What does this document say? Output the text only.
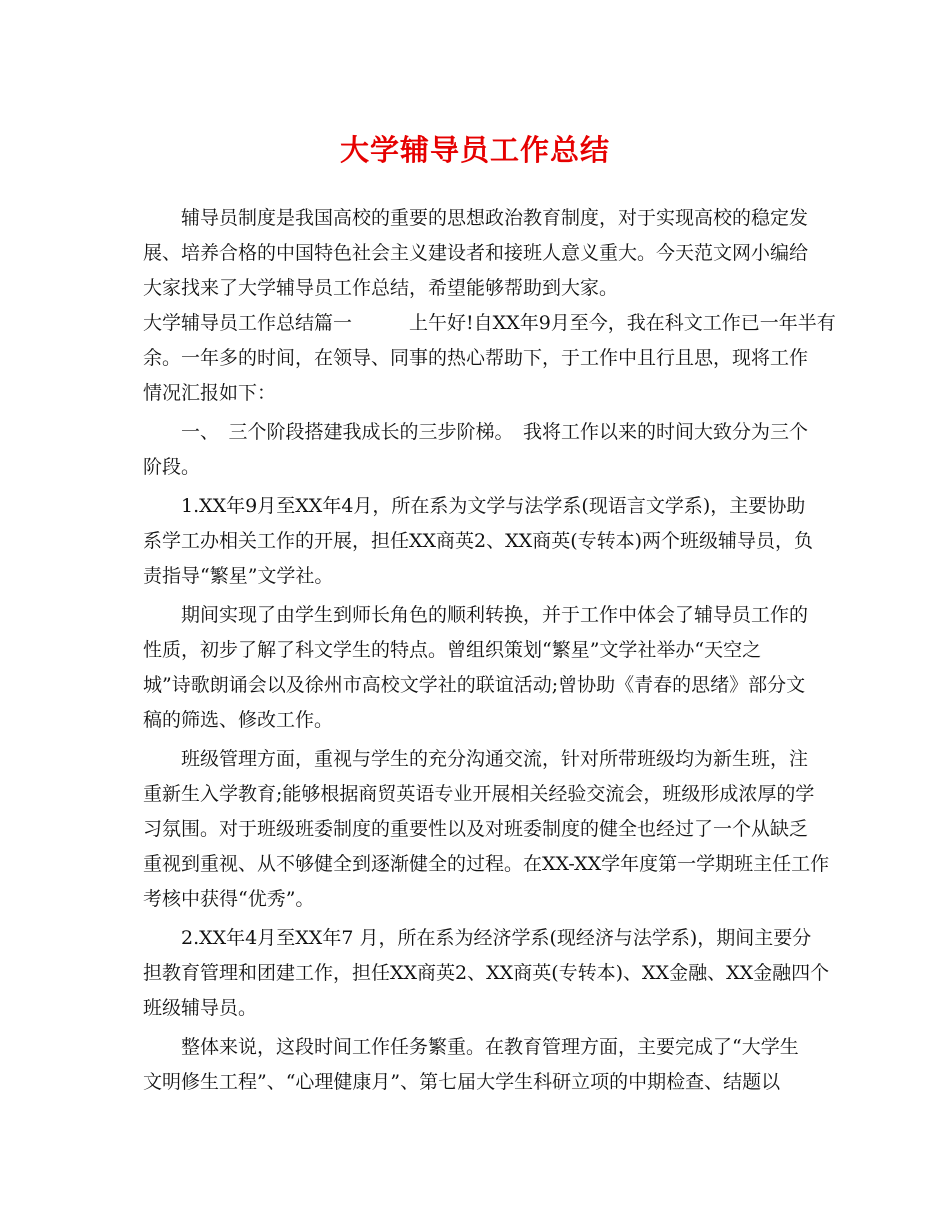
大学辅导员工作总结
辅导员制度是我国高校的重要的思想政治教育制度，对于实现高校的稳定发
展、培养合格的中国特色社会主义建设者和接班人意义重大。今天范文网小编给
大家找来了大学辅导员工作总结，希望能够帮助到大家。
大学辅导员工作总结篇一　　　上午好!自XX年9月至今，我在科文工作已一年半有
余。一年多的时间，在领导、同事的热心帮助下，于工作中且行且思，现将工作
情况汇报如下：
一、　三个阶段搭建我成长的三步阶梯。　我将工作以来的时间大致分为三个
阶段。
1.XX年9月至XX年4月，所在系为文学与法学系(现语言文学系)，主要协助
系学工办相关工作的开展，担任XX商英2、XX商英(专转本)两个班级辅导员，负
责指导“繁星”文学社。
期间实现了由学生到师长角色的顺利转换，并于工作中体会了辅导员工作的
性质，初步了解了科文学生的特点。曾组织策划“繁星”文学社举办“天空之
城”诗歌朗诵会以及徐州市高校文学社的联谊活动;曾协助《青春的思绪》部分文
稿的筛选、修改工作。
班级管理方面，重视与学生的充分沟通交流，针对所带班级均为新生班，注
重新生入学教育;能够根据商贸英语专业开展相关经验交流会，班级形成浓厚的学
习氛围。对于班级班委制度的重要性以及对班委制度的健全也经过了一个从缺乏
重视到重视、从不够健全到逐渐健全的过程。在XX-XX学年度第一学期班主任工作
考核中获得“优秀”。
2.XX年4月至XX年7 月，所在系为经济学系(现经济与法学系)，期间主要分
担教育管理和团建工作，担任XX商英2、XX商英(专转本)、XX金融、XX金融四个
班级辅导员。
整体来说，这段时间工作任务繁重。在教育管理方面，主要完成了“大学生
文明修生工程”、“心理健康月”、第七届大学生科研立项的中期检查、结题以
